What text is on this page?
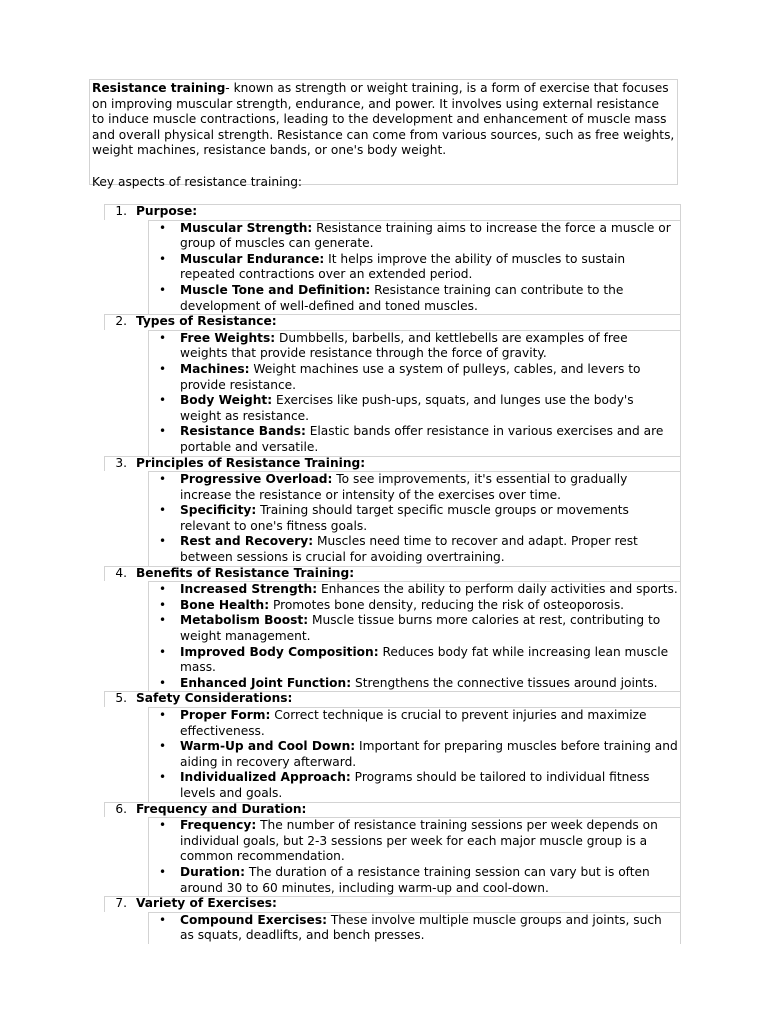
Resistance training- known as strength or weight training, is a form of exercise that focuses on improving muscular strength, endurance, and power. It involves using external resistance to induce muscle contractions, leading to the development and enhancement of muscle mass and overall physical strength. Resistance can come from various sources, such as free weights, weight machines, resistance bands, or one's body weight.

Key aspects of resistance training:

1. Purpose:
• Muscular Strength: Resistance training aims to increase the force a muscle or group of muscles can generate.
• Muscular Endurance: It helps improve the ability of muscles to sustain repeated contractions over an extended period.
• Muscle Tone and Definition: Resistance training can contribute to the development of well-defined and toned muscles.
2. Types of Resistance:
• Free Weights: Dumbbells, barbells, and kettlebells are examples of free weights that provide resistance through the force of gravity.
• Machines: Weight machines use a system of pulleys, cables, and levers to provide resistance.
• Body Weight: Exercises like push-ups, squats, and lunges use the body's weight as resistance.
• Resistance Bands: Elastic bands offer resistance in various exercises and are portable and versatile.
3. Principles of Resistance Training:
• Progressive Overload: To see improvements, it's essential to gradually increase the resistance or intensity of the exercises over time.
• Specificity: Training should target specific muscle groups or movements relevant to one's fitness goals.
• Rest and Recovery: Muscles need time to recover and adapt. Proper rest between sessions is crucial for avoiding overtraining.
4. Benefits of Resistance Training:
• Increased Strength: Enhances the ability to perform daily activities and sports.
• Bone Health: Promotes bone density, reducing the risk of osteoporosis.
• Metabolism Boost: Muscle tissue burns more calories at rest, contributing to weight management.
• Improved Body Composition: Reduces body fat while increasing lean muscle mass.
• Enhanced Joint Function: Strengthens the connective tissues around joints.
5. Safety Considerations:
• Proper Form: Correct technique is crucial to prevent injuries and maximize effectiveness.
• Warm-Up and Cool Down: Important for preparing muscles before training and aiding in recovery afterward.
• Individualized Approach: Programs should be tailored to individual fitness levels and goals.
6. Frequency and Duration:
• Frequency: The number of resistance training sessions per week depends on individual goals, but 2-3 sessions per week for each major muscle group is a common recommendation.
• Duration: The duration of a resistance training session can vary but is often around 30 to 60 minutes, including warm-up and cool-down.
7. Variety of Exercises:
• Compound Exercises: These involve multiple muscle groups and joints, such as squats, deadlifts, and bench presses.
